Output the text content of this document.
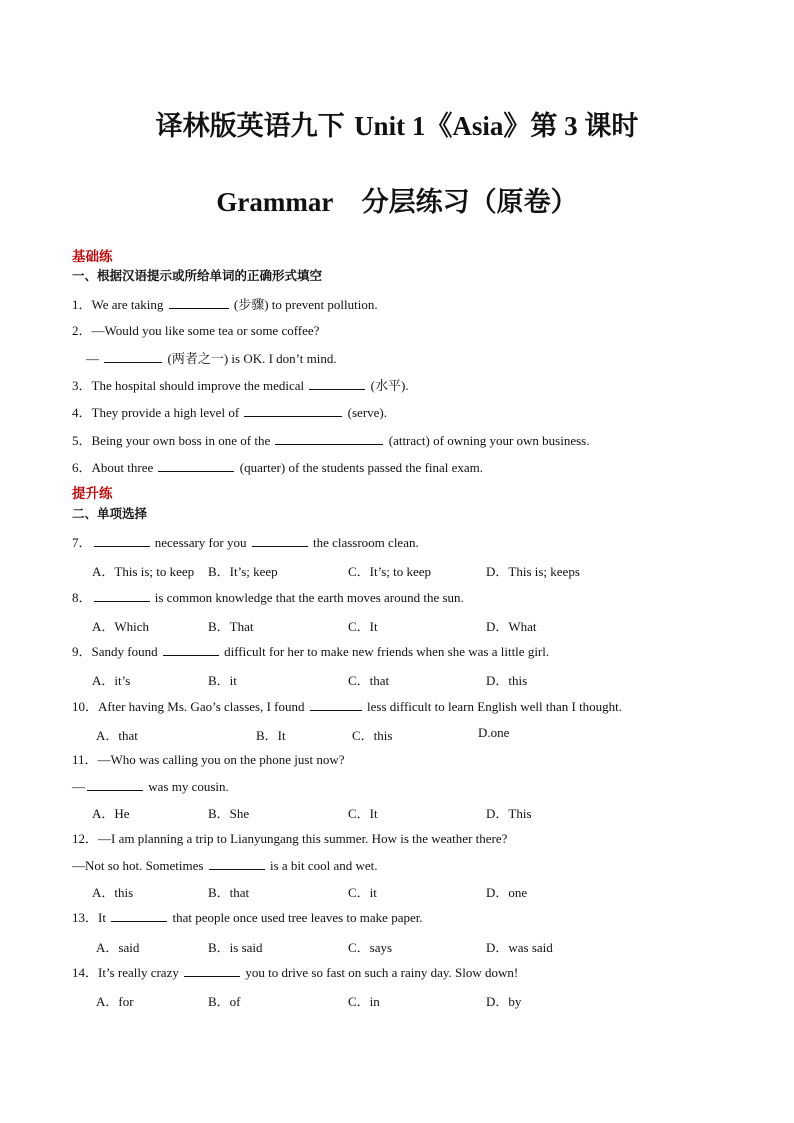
译林版英语九下 Unit 1《Asia》第 3 课时
Grammar 分层练习（原卷）
基础练
一、根据汉语提示或所给单词的正确形式填空
1．We are taking	(步骤) to prevent pollution.
2．—Would you like some tea or some coffee?
—	(两者之一) is OK. I don’t mind.
3．The hospital should improve the medical	(水平).
4．They provide a high level of	(serve).
5．Being your own boss in one of the	(attract) of owning your own business.
6．About three	(quarter) of the students passed the final exam.
提升练
二、单项选择
7．	necessary for you	the classroom clean.
A．This is; to keep B．It’s; keep	C．It’s; to keep	D．This is; keeps
8．	is common knowledge that the earth moves around the sun.
A．Which	B．That	C．It	D．What
9．Sandy found	difficult for her to make new friends when she was a little girl.
A．it’s	B．it	C．that	D．this
10．After having Ms. Gao’s classes, I found	less difficult to learn English well than I thought.
A．that	B．It	C．this	D.one
11．—Who was calling you on the phone just now?
—	was my cousin.
A．He	B．She	C．It	D．This
12．—I am planning a trip to Lianyungang this summer. How is the weather there?
—Not so hot. Sometimes	is a bit cool and wet.
A．this	B．that	C．it	D．one
13．It	that people once used tree leaves to make paper.
A．said	B．is said	C．says	D．was said
14．It’s really crazy	you to drive so fast on such a rainy day. Slow down!
A．for	B．of	C．in	D．by
